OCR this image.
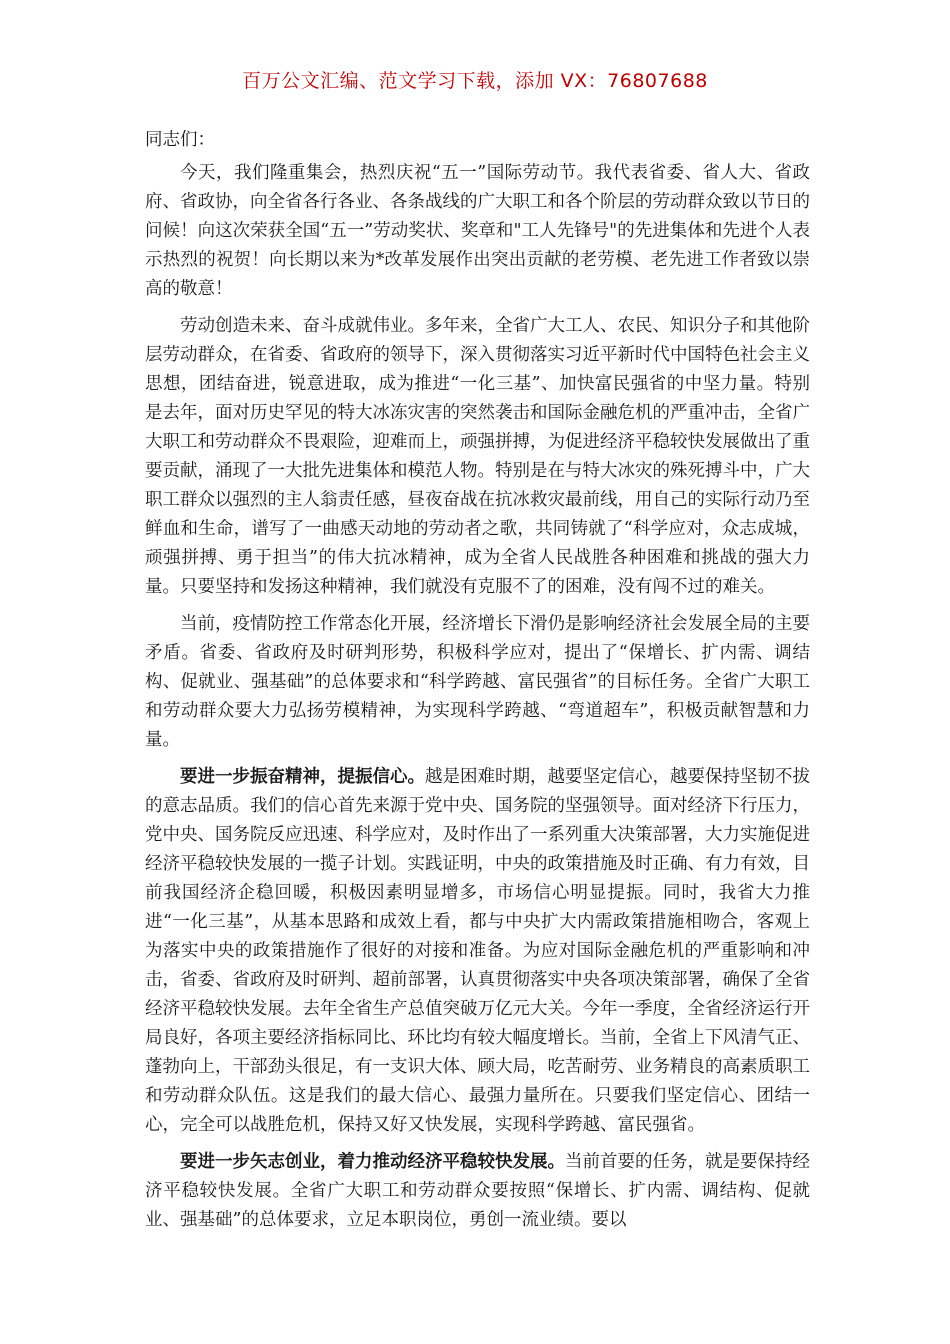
百万公文汇编、范文学习下载，添加 VX：76807688

同志们：

今天，我们隆重集会，热烈庆祝“五一”国际劳动节。我代表省委、省人大、省政府、省政协，向全省各行各业、各条战线的广大职工和各个阶层的劳动群众致以节日的问候！向这次荣获全国“五一”劳动奖状、奖章和"工人先锋号"的先进集体和先进个人表示热烈的祝贺！向长期以来为*改革发展作出突出贡献的老劳模、老先进工作者致以崇高的敬意！

劳动创造未来、奋斗成就伟业。多年来，全省广大工人、农民、知识分子和其他阶层劳动群众，在省委、省政府的领导下，深入贯彻落实习近平新时代中国特色社会主义思想，团结奋进，锐意进取，成为推进“一化三基”、加快富民强省的中坚力量。特别是去年，面对历史罕见的特大冰冻灾害的突然袭击和国际金融危机的严重冲击，全省广大职工和劳动群众不畏艰险，迎难而上，顽强拼搏，为促进经济平稳较快发展做出了重要贡献，涌现了一大批先进集体和模范人物。特别是在与特大冰灾的殊死搏斗中，广大职工群众以强烈的主人翁责任感，昼夜奋战在抗冰救灾最前线，用自己的实际行动乃至鲜血和生命，谱写了一曲感天动地的劳动者之歌，共同铸就了“科学应对，众志成城，顽强拼搏、勇于担当”的伟大抗冰精神，成为全省人民战胜各种困难和挑战的强大力量。只要坚持和发扬这种精神，我们就没有克服不了的困难，没有闯不过的难关。

当前，疫情防控工作常态化开展，经济增长下滑仍是影响经济社会发展全局的主要矛盾。省委、省政府及时研判形势，积极科学应对，提出了“保增长、扩内需、调结构、促就业、强基础”的总体要求和“科学跨越、富民强省”的目标任务。全省广大职工和劳动群众要大力弘扬劳模精神，为实现科学跨越、“弯道超车”，积极贡献智慧和力量。

要进一步振奋精神，提振信心。越是困难时期，越要坚定信心，越要保持坚韧不拔的意志品质。我们的信心首先来源于党中央、国务院的坚强领导。面对经济下行压力，党中央、国务院反应迅速、科学应对，及时作出了一系列重大决策部署，大力实施促进经济平稳较快发展的一揽子计划。实践证明，中央的政策措施及时正确、有力有效，目前我国经济企稳回暖，积极因素明显增多，市场信心明显提振。同时，我省大力推进“一化三基”，从基本思路和成效上看，都与中央扩大内需政策措施相吻合，客观上为落实中央的政策措施作了很好的对接和准备。为应对国际金融危机的严重影响和冲击，省委、省政府及时研判、超前部署，认真贯彻落实中央各项决策部署，确保了全省经济平稳较快发展。去年全省生产总值突破万亿元大关。今年一季度，全省经济运行开局良好，各项主要经济指标同比、环比均有较大幅度增长。当前，全省上下风清气正、蓬勃向上，干部劲头很足，有一支识大体、顾大局，吃苦耐劳、业务精良的高素质职工和劳动群众队伍。这是我们的最大信心、最强力量所在。只要我们坚定信心、团结一心，完全可以战胜危机，保持又好又快发展，实现科学跨越、富民强省。

要进一步矢志创业，着力推动经济平稳较快发展。当前首要的任务，就是要保持经济平稳较快发展。全省广大职工和劳动群众要按照“保增长、扩内需、调结构、促就业、强基础”的总体要求，立足本职岗位，勇创一流业绩。要以
